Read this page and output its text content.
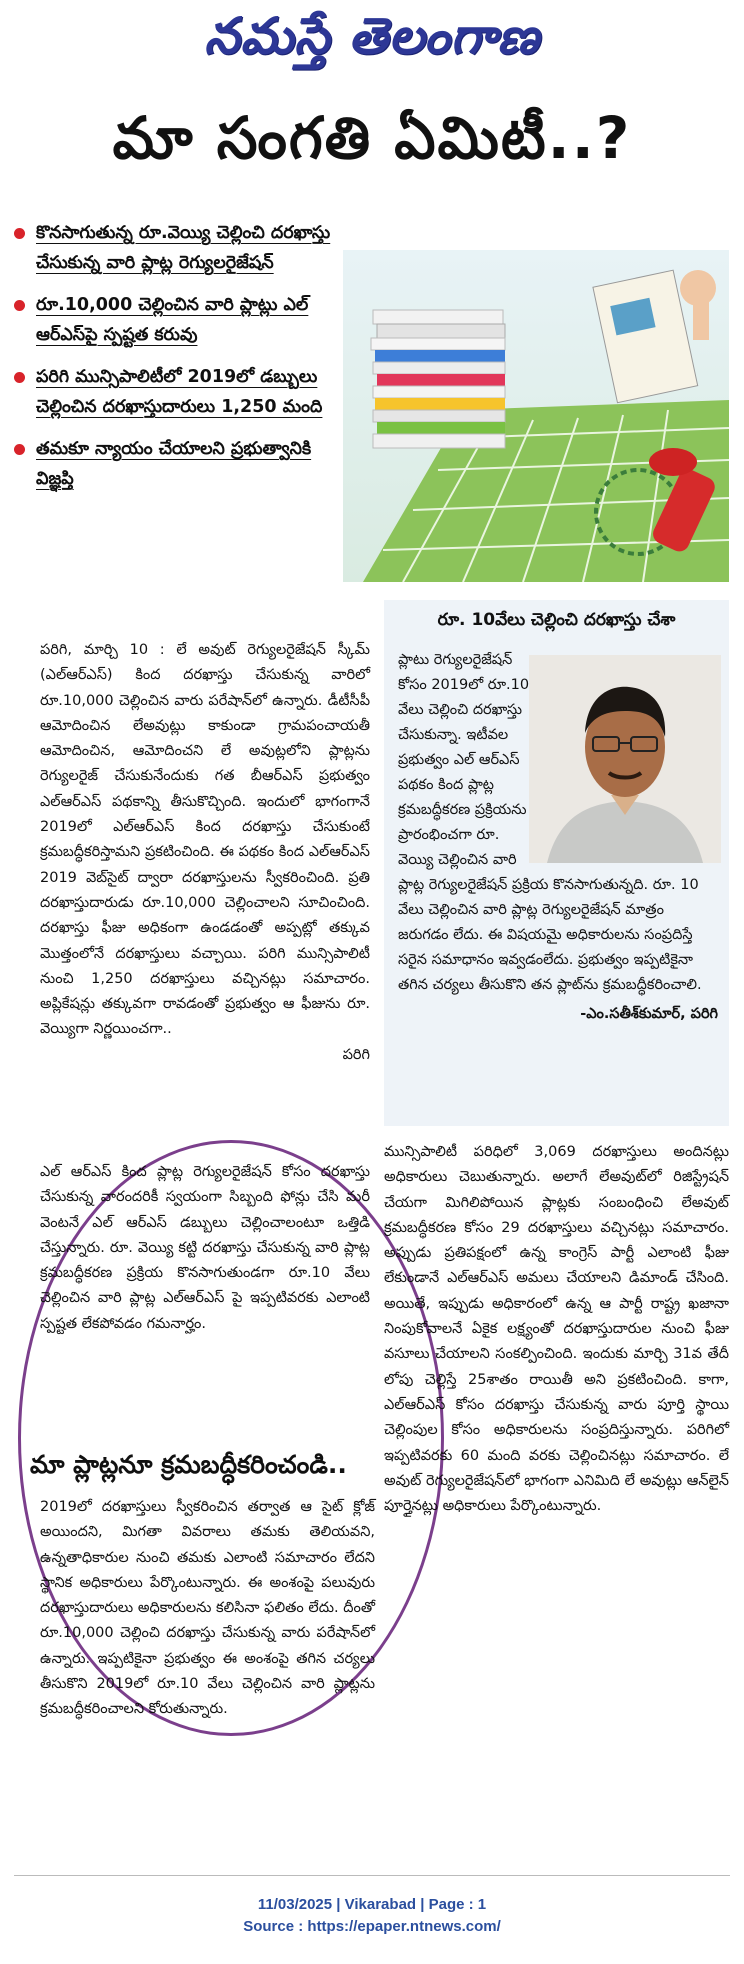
నమస్తే తెలంగాణ
మా సంగతి ఏమిటీ..?
కొనసాగుతున్న రూ.వెయ్యి చెల్లించి దరఖాస్తు చేసుకున్న వారి ప్లాట్ల రెగ్యులరైజేషన్
రూ.10,000 చెల్లించిన వారి ప్లాట్లు ఎల్ ఆర్ఎస్‌పై స్పష్టత కరువు
పరిగి మున్సిపాలిటీలో 2019లో డబ్బులు చెల్లించిన దరఖాస్తుదారులు 1,250 మంది
తమకూ న్యాయం చేయాలని ప్రభుత్వానికి విజ్ఞప్తి
రూ. 10వేలు చెల్లించి దరఖాస్తు చేశా
ప్లాటు రెగ్యులరైజేషన్ కోసం 2019లో రూ.10 వేలు చెల్లించి దరఖాస్తు చేసుకున్నా. ఇటీవల ప్రభుత్వం ఎల్ ఆర్ఎస్ పథకం కింద ప్లాట్ల క్రమబద్ధీకరణ ప్రక్రియను ప్రారంభించగా రూ. వెయ్యి చెల్లించిన వారి ప్లాట్ల రెగ్యులరైజేషన్ ప్రక్రియ కొనసాగుతున్నది. రూ. 10 వేలు చెల్లించిన వారి ప్లాట్ల రెగ్యులరైజేషన్ మాత్రం జరుగడం లేదు. ఈ విషయమై అధికారులను సంప్రదిస్తే సరైన సమాధానం ఇవ్వడంలేదు. ప్రభుత్వం ఇప్పటికైనా తగిన చర్యలు తీసుకొని తన ప్లాట్‌ను క్రమబద్ధీకరించాలి.
-ఎం.సతీశ్‌కుమార్, పరిగి
పరిగి, మార్చి 10 : లే అవుట్ రెగ్యులరైజేషన్ స్కీమ్ (ఎల్ఆర్ఎస్) కింద దరఖాస్తు చేసుకున్న వారిలో రూ.10,000 చెల్లించిన వారు పరేషాన్‌లో ఉన్నారు. డీటీసీపీ ఆమోదించిన లేఅవుట్లు కాకుండా గ్రామపంచాయతీ ఆమోదించిన, ఆమోదించని లే అవుట్లలోని ప్లాట్లను రెగ్యులరైజ్ చేసుకునేందుకు గత బీఆర్ఎస్ ప్రభుత్వం ఎల్ఆర్ఎస్ పథకాన్ని తీసుకొచ్చింది. ఇందులో భాగంగానే 2019లో ఎల్ఆర్ఎస్ కింద దరఖాస్తు చేసుకుంటే క్రమబద్ధీకరిస్తామని ప్రకటించింది. ఈ పథకం కింద ఎల్ఆర్ఎస్ 2019 వెబ్‌సైట్ ద్వారా దరఖాస్తులను స్వీకరించింది. ప్రతి దరఖాస్తుదారుడు రూ.10,000 చెల్లించాలని సూచించింది. దరఖాస్తు ఫీజు అధికంగా ఉండడంతో అప్పట్లో తక్కువ మొత్తంలోనే దరఖాస్తులు వచ్చాయి. పరిగి మున్సిపాలిటీ నుంచి 1,250 దరఖాస్తులు వచ్చినట్లు సమాచారం. అప్లికేషన్లు తక్కువగా రావడంతో ప్రభుత్వం ఆ ఫీజును రూ. వెయ్యిగా నిర్ణయించగా..
పరిగి
ఎల్ ఆర్ఎస్ కింద ప్లాట్ల రెగ్యులరైజేషన్ కోసం దరఖాస్తు చేసుకున్న వారందరికీ స్వయంగా సిబ్బంది ఫోన్లు చేసి మరీ వెంటనే ఎల్ ఆర్ఎస్ డబ్బులు చెల్లించాలంటూ ఒత్తిడి చేస్తున్నారు. రూ. వెయ్యి కట్టి దరఖాస్తు చేసుకున్న వారి ప్లాట్ల క్రమబద్ధీకరణ ప్రక్రియ కొనసాగుతుండగా రూ.10 వేలు చెల్లించిన వారి ప్లాట్ల ఎల్ఆర్ఎస్ పై ఇప్పటివరకు ఎలాంటి స్పష్టత లేకపోవడం గమనార్హం.
మా ప్లాట్లనూ క్రమబద్ధీకరించండి..
2019లో దరఖాస్తులు స్వీకరించిన తర్వాత ఆ సైట్ క్లోజ్ అయిందని, మిగతా వివరాలు తమకు తెలియవని, ఉన్నతాధికారుల నుంచి తమకు ఎలాంటి సమాచారం లేదని స్థానిక అధికారులు పేర్కొంటున్నారు. ఈ అంశంపై పలువురు దరఖాస్తుదారులు అధికారులను కలిసినా ఫలితం లేదు. దీంతో రూ.10,000 చెల్లించి దరఖాస్తు చేసుకున్న వారు పరేషాన్‌లో ఉన్నారు. ఇప్పటికైనా ప్రభుత్వం ఈ అంశంపై తగిన చర్యలు తీసుకొని 2019లో రూ.10 వేలు చెల్లించిన వారి ప్లాట్లను క్రమబద్ధీకరించాలని కోరుతున్నారు.
మున్సిపాలిటీ పరిధిలో 3,069 దరఖాస్తులు అందినట్లు అధికారులు చెబుతున్నారు. అలాగే లేఅవుట్‌లో రిజిస్ట్రేషన్ చేయగా మిగిలిపోయిన ప్లాట్లకు సంబంధించి లేఅవుట్ క్రమబద్ధీకరణ కోసం 29 దరఖాస్తులు వచ్చినట్లు సమాచారం. అప్పుడు ప్రతిపక్షంలో ఉన్న కాంగ్రెస్ పార్టీ ఎలాంటి ఫీజు లేకుండానే ఎల్ఆర్ఎస్ అమలు చేయాలని డిమాండ్ చేసింది. అయితే, ఇప్పుడు అధికారంలో ఉన్న ఆ పార్టీ రాష్ట్ర ఖజానా నింపుకోవాలనే ఏకైక లక్ష్యంతో దరఖాస్తుదారుల నుంచి ఫీజు వసూలు చేయాలని సంకల్పించింది. ఇందుకు మార్చి 31వ తేదీ లోపు చెల్లిస్తే 25శాతం రాయితీ అని ప్రకటించింది. కాగా, ఎల్ఆర్ఎస్ కోసం దరఖాస్తు చేసుకున్న వారు పూర్తి స్థాయి చెల్లింపుల కోసం అధికారులను సంప్రదిస్తున్నారు. పరిగిలో ఇప్పటివరకు 60 మంది వరకు చెల్లించినట్లు సమాచారం. లే అవుట్ రెగ్యులరైజేషన్‌లో భాగంగా ఎనిమిది లే అవుట్లు ఆన్‌లైన్ పూర్తైనట్లు అధికారులు పేర్కొంటున్నారు.
11/03/2025 | Vikarabad | Page : 1
Source : https://epaper.ntnews.com/
